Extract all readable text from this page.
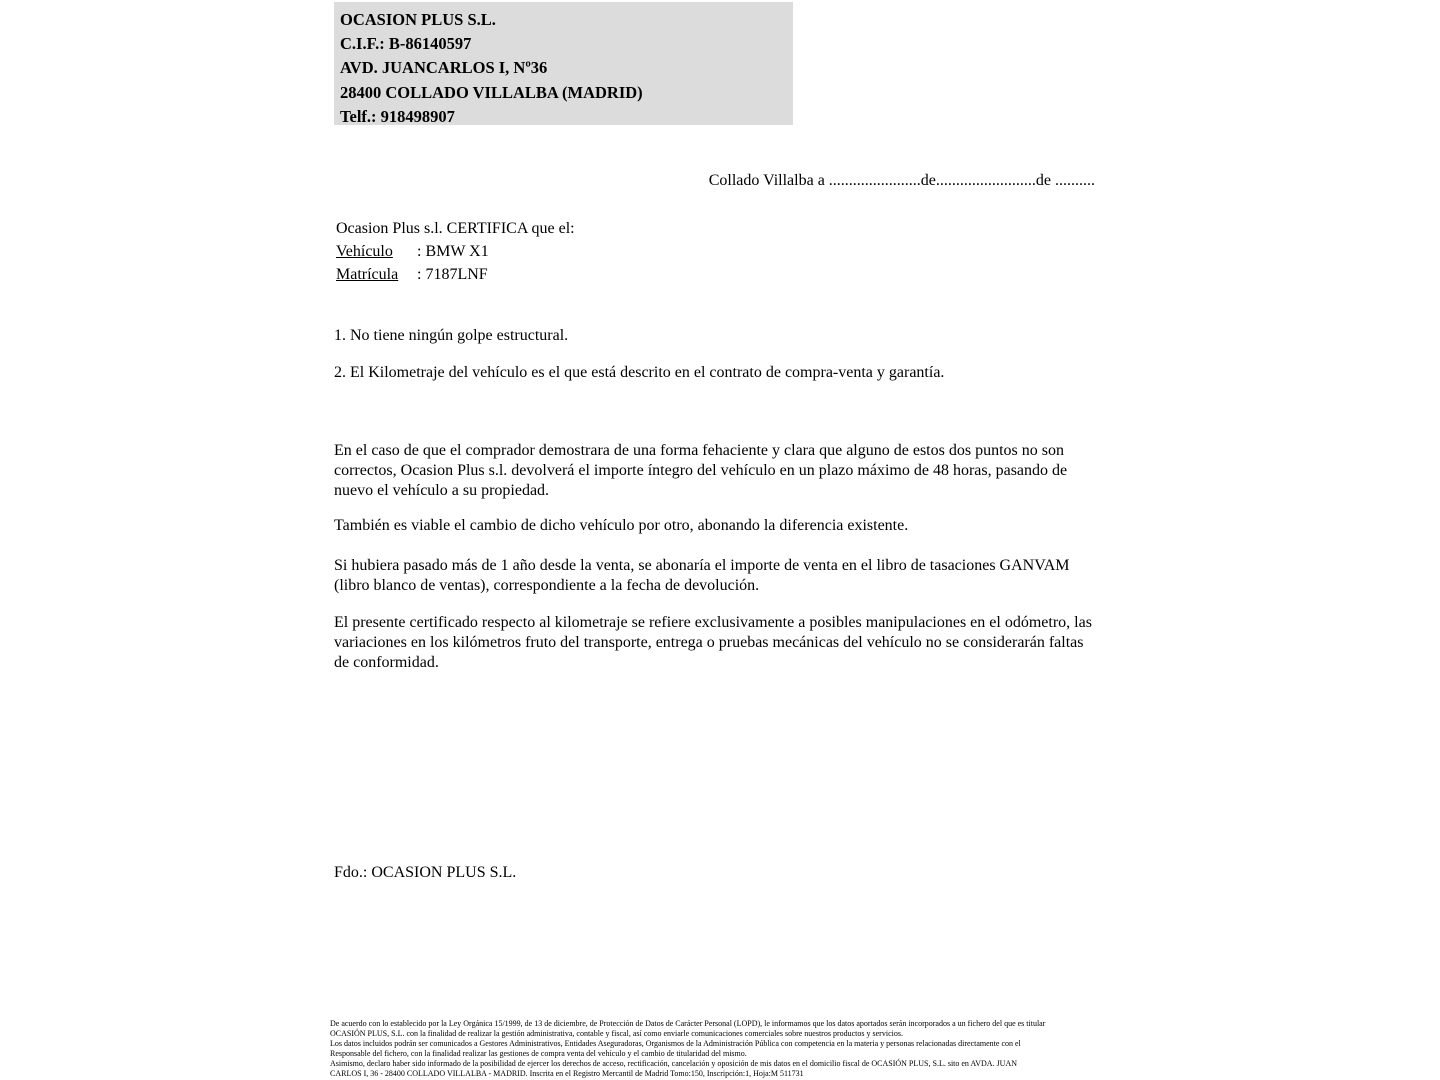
OCASION PLUS S.L.
C.I.F.: B-86140597
AVD. JUANCARLOS I, Nº36
28400 COLLADO VILLALBA (MADRID)
Telf.: 918498907
Collado Villalba a .......................de.........................de ..........
Ocasion Plus s.l. CERTIFICA que el:
Vehículo : BMW X1
Matrícula : 7187LNF
1. No tiene ningún golpe estructural.
2. El Kilometraje del vehículo es el que está descrito en el contrato de compra-venta y garantía.
En el caso de que el comprador demostrara de una forma fehaciente y clara que alguno de estos dos puntos no son correctos, Ocasion Plus s.l. devolverá el importe íntegro del vehículo en un plazo máximo de 48 horas, pasando de nuevo el vehículo a su propiedad.
También es viable el cambio de dicho vehículo por otro, abonando la diferencia existente.
Si hubiera pasado más de 1 año desde la venta, se abonaría el importe de venta en el libro de tasaciones GANVAM (libro blanco de ventas), correspondiente a la fecha de devolución.
El presente certificado respecto al kilometraje se refiere exclusivamente a posibles manipulaciones en el odómetro, las variaciones en los kilómetros fruto del transporte, entrega o pruebas mecánicas del vehículo no se considerarán faltas de conformidad.
Fdo.: OCASION PLUS S.L.
De acuerdo con lo establecido por la Ley Orgánica 15/1999, de 13 de diciembre, de Protección de Datos de Carácter Personal (LOPD), le informamos que los datos aportados serán incorporados a un fichero del que es titular
OCASIÓN PLUS, S.L. con la finalidad de realizar la gestión administrativa, contable y fiscal, así como enviarle comunicaciones comerciales sobre nuestros productos y servicios.
Los datos incluidos podrán ser comunicados a Gestores Administrativos, Entidades Aseguradoras, Organismos de la Administración Pública con competencia en la materia y personas relacionadas directamente con el
Responsable del fichero, con la finalidad realizar las gestiones de compra venta del vehículo y el cambio de titularidad del mismo.
Asimismo, declaro haber sido informado de la posibilidad de ejercer los derechos de acceso, rectificación, cancelación y oposición de mis datos en el domicilio fiscal de OCASIÓN PLUS, S.L. sito en AVDA. JUAN
CARLOS I, 36 - 28400 COLLADO VILLALBA - MADRID. Inscrita en el Registro Mercantil de Madrid Tomo:150, Inscripción:1, Hoja:M 511731
